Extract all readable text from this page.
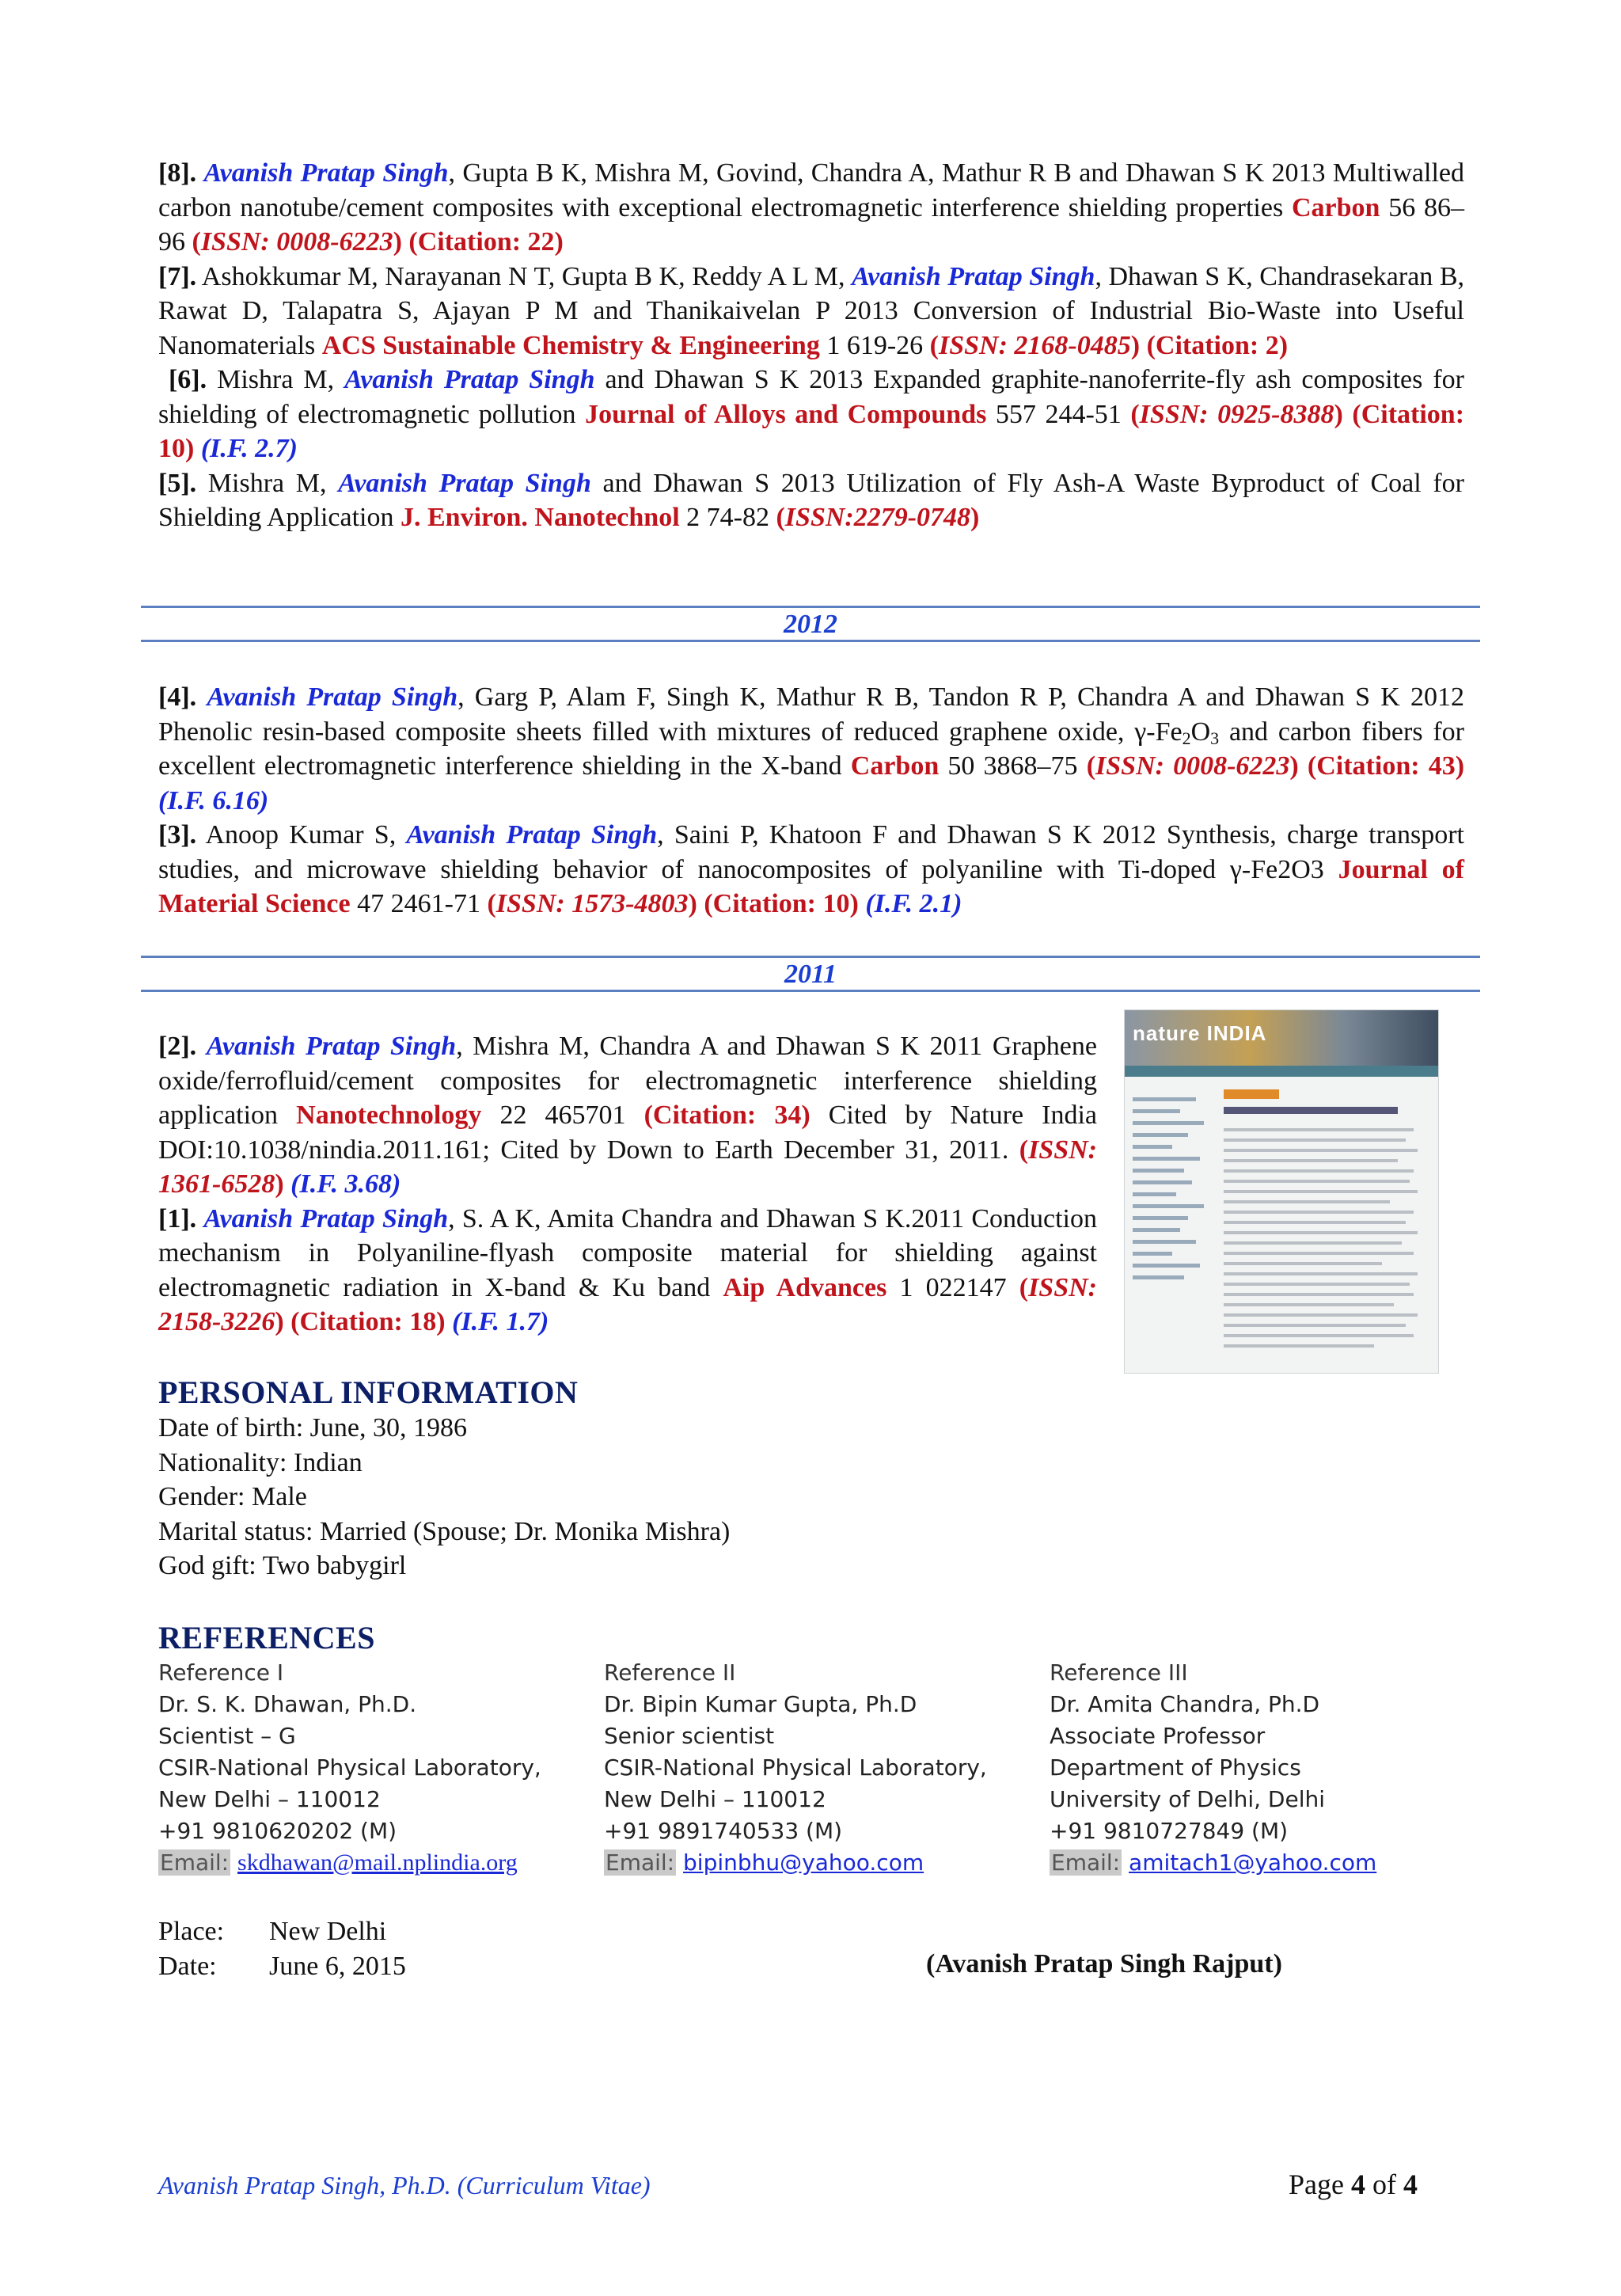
[8]. Avanish Pratap Singh, Gupta B K, Mishra M, Govind, Chandra A, Mathur R B and Dhawan S K 2013 Multiwalled carbon nanotube/cement composites with exceptional electromagnetic interference shielding properties Carbon 56 86–96 (ISSN: 0008-6223) (Citation: 22)

[7]. Ashokkumar M, Narayanan N T, Gupta B K, Reddy A L M, Avanish Pratap Singh, Dhawan S K, Chandrasekaran B, Rawat D, Talapatra S, Ajayan P M and Thanikaivelan P 2013 Conversion of Industrial Bio-Waste into Useful Nanomaterials ACS Sustainable Chemistry & Engineering 1 619-26 (ISSN: 2168-0485) (Citation: 2)

[6]. Mishra M, Avanish Pratap Singh and Dhawan S K 2013 Expanded graphite-nanoferrite-fly ash composites for shielding of electromagnetic pollution Journal of Alloys and Compounds 557 244-51 (ISSN: 0925-8388) (Citation: 10) (I.F. 2.7)

[5]. Mishra M, Avanish Pratap Singh and Dhawan S 2013 Utilization of Fly Ash-A Waste Byproduct of Coal for Shielding Application J. Environ. Nanotechnol 2 74-82 (ISSN:2279-0748)

2012

[4]. Avanish Pratap Singh, Garg P, Alam F, Singh K, Mathur R B, Tandon R P, Chandra A and Dhawan S K 2012 Phenolic resin-based composite sheets filled with mixtures of reduced graphene oxide, $\gamma-Fe_2O_3$ and carbon fibers for excellent electromagnetic interference shielding in the X-band Carbon 50 3868–75 (ISSN: 0008-6223) (Citation: 43) (I.F. 6.16)

[3]. Anoop Kumar S, Avanish Pratap Singh, Saini P, Khatoon F and Dhawan S K 2012 Synthesis, charge transport studies, and microwave shielding behavior of nanocomposites of polyaniline with Ti-doped γ-Fe2O3 Journal of Material Science 47 2461-71 (ISSN: 1573-4803) (Citation: 10) (I.F. 2.1)

2011

[2]. Avanish Pratap Singh, Mishra M, Chandra A and Dhawan S K 2011 Graphene oxide/ferrofluid/cement composites for electromagnetic interference shielding application Nanotechnology 22 465701 (Citation: 34) Cited by Nature India DOI:10.1038/nindia.2011.161; Cited by Down to Earth December 31, 2011. (ISSN: 1361-6528) (I.F. 3.68)

[1]. Avanish Pratap Singh, S. A K, Amita Chandra and Dhawan S K.2011 Conduction mechanism in Polyaniline-flyash composite material for shielding against electromagnetic radiation in X-band & Ku band Aip Advances 1 022147 (ISSN: 2158-3226) (Citation: 18) (I.F. 1.7)

nature INDIA
PERSONAL INFORMATION
Date of birth: June, 30, 1986
Nationality: Indian
Gender: Male
Marital status: Married (Spouse; Dr. Monika Mishra)
God gift: Two babygirl
REFERENCES
Reference I
Dr. S. K. Dhawan, Ph.D.
Scientist – G
CSIR-National Physical Laboratory,
New Delhi – 110012
+91 9810620202 (M)
Email: skdhawan@mail.nplindia.org
Reference II
Dr. Bipin Kumar Gupta, Ph.D
Senior scientist
CSIR-National Physical Laboratory,
New Delhi – 110012
+91 9891740533 (M)
Email: bipinbhu@yahoo.com
Reference III
Dr. Amita Chandra, Ph.D
Associate Professor
Department of Physics
University of Delhi, Delhi
+91 9810727849 (M)
Email: amitach1@yahoo.com
Place: New Delhi
Date: June 6, 2015	(Avanish Pratap Singh Rajput)
Avanish Pratap Singh, Ph.D. (Curriculum Vitae)	Page 4 of 4
